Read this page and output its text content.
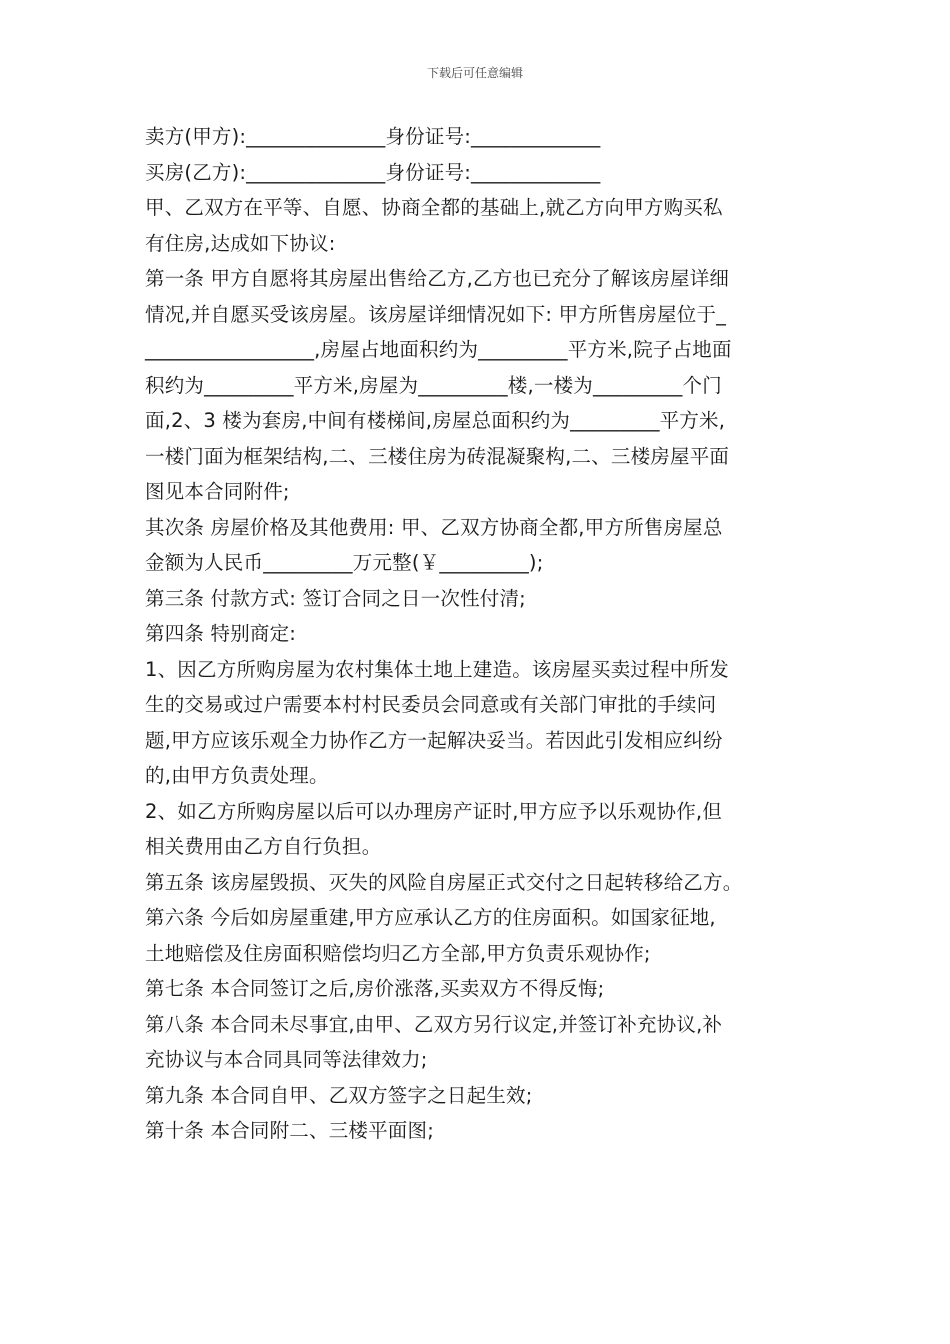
下载后可任意编辑
卖方(甲方):______________身份证号:_____________
买房(乙方):______________身份证号:_____________
甲、乙双方在平等、自愿、协商全都的基础上,就乙方向甲方购买私
有住房,达成如下协议:
第一条 甲方自愿将其房屋出售给乙方,乙方也已充分了解该房屋详细
情况,并自愿买受该房屋。该房屋详细情况如下: 甲方所售房屋位于_
_________________,房屋占地面积约为_________平方米,院子占地面
积约为_________平方米,房屋为_________楼,一楼为_________个门
面,2、3 楼为套房,中间有楼梯间,房屋总面积约为_________平方米,
一楼门面为框架结构,二、三楼住房为砖混凝聚构,二、三楼房屋平面
图见本合同附件;
其次条 房屋价格及其他费用: 甲、乙双方协商全都,甲方所售房屋总
金额为人民币_________万元整(￥_________);
第三条 付款方式: 签订合同之日一次性付清;
第四条 特别商定:
1、因乙方所购房屋为农村集体土地上建造。该房屋买卖过程中所发
生的交易或过户需要本村村民委员会同意或有关部门审批的手续问
题,甲方应该乐观全力协作乙方一起解决妥当。若因此引发相应纠纷
的,由甲方负责处理。
2、如乙方所购房屋以后可以办理房产证时,甲方应予以乐观协作,但
相关费用由乙方自行负担。
第五条 该房屋毁损、灭失的风险自房屋正式交付之日起转移给乙方。
第六条 今后如房屋重建,甲方应承认乙方的住房面积。如国家征地,
土地赔偿及住房面积赔偿均归乙方全部,甲方负责乐观协作;
第七条 本合同签订之后,房价涨落,买卖双方不得反悔;
第八条 本合同未尽事宜,由甲、乙双方另行议定,并签订补充协议,补
充协议与本合同具同等法律效力;
第九条 本合同自甲、乙双方签字之日起生效;
第十条 本合同附二、三楼平面图;
